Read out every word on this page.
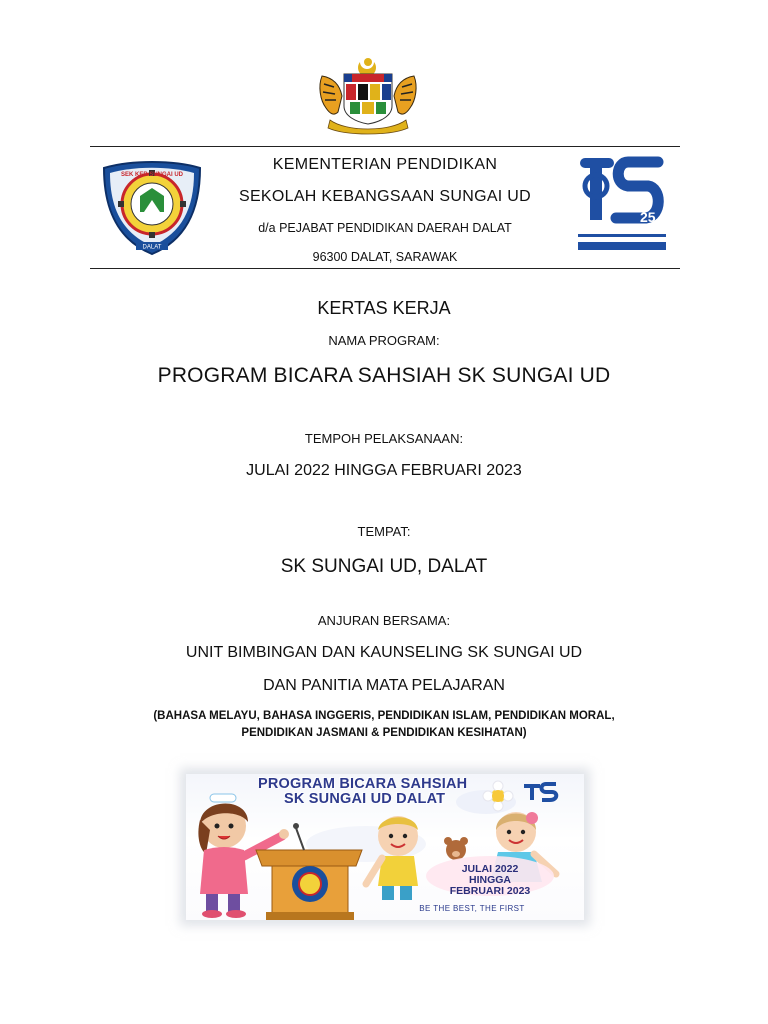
SEK KEB SUNGAI UD
DALAT
KEMENTERIAN PENDIDIKAN
SEKOLAH KEBANGSAAN SUNGAI UD
d/a PEJABAT PENDIDIKAN DAERAH DALAT
96300 DALAT, SARAWAK
25
KERTAS KERJA
NAMA PROGRAM:
PROGRAM BICARA SAHSIAH SK SUNGAI UD
TEMPOH PELAKSANAAN:
JULAI 2022 HINGGA FEBRUARI 2023
TEMPAT:
SK SUNGAI UD, DALAT
ANJURAN BERSAMA:
UNIT BIMBINGAN DAN KAUNSELING SK SUNGAI UD
DAN PANITIA MATA PELAJARAN
(BAHASA MELAYU, BAHASA INGGERIS, PENDIDIKAN ISLAM, PENDIDIKAN MORAL,
PENDIDIKAN JASMANI & PENDIDIKAN KESIHATAN)
PROGRAM BICARA SAHSIAH
SK SUNGAI UD DALAT
JULAI 2022
HINGGA
FEBRUARI 2023
BE THE BEST, THE FIRST
